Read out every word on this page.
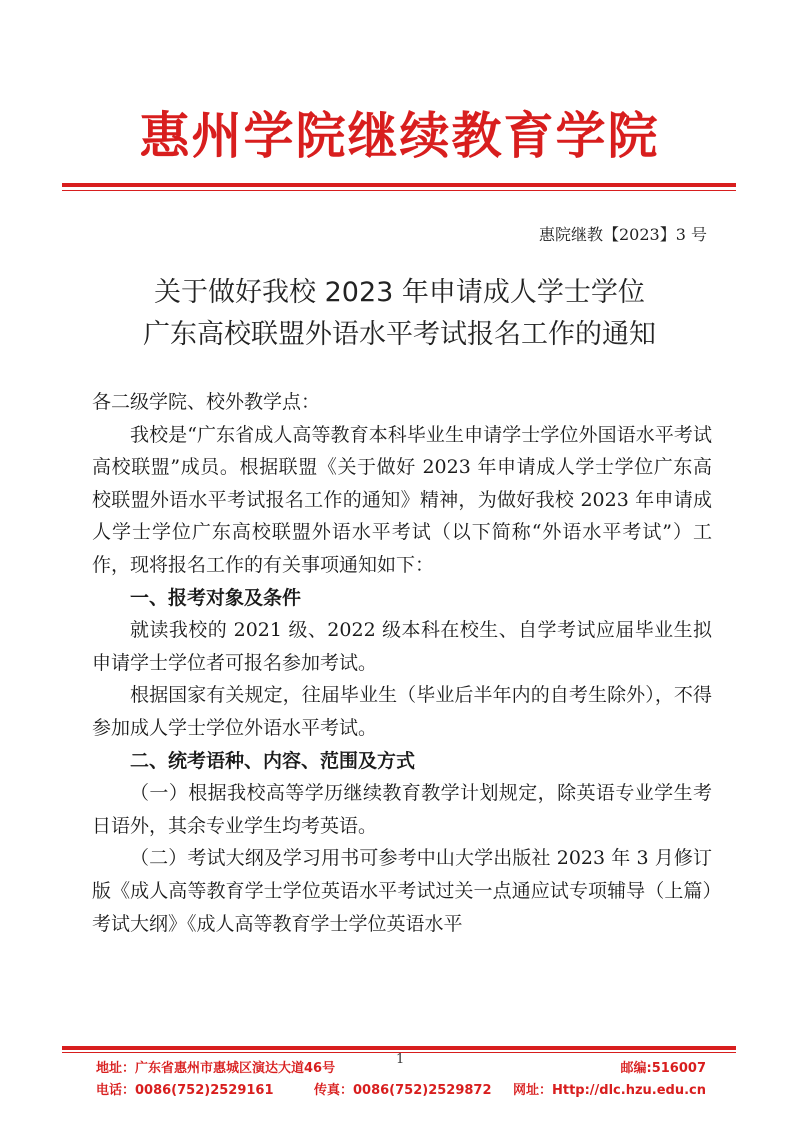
惠州学院继续教育学院
惠院继教【2023】3 号
关于做好我校 2023 年申请成人学士学位
广东高校联盟外语水平考试报名工作的通知

各二级学院、校外教学点：

我校是“广东省成人高等教育本科毕业生申请学士学位外国语水平考试高校联盟”成员。根据联盟《关于做好 2023 年申请成人学士学位广东高校联盟外语水平考试报名工作的通知》精神，为做好我校 2023 年申请成人学士学位广东高校联盟外语水平考试（以下简称“外语水平考试”）工作，现将报名工作的有关事项通知如下：

一、报考对象及条件

就读我校的 2021 级、2022 级本科在校生、自学考试应届毕业生拟申请学士学位者可报名参加考试。

根据国家有关规定，往届毕业生（毕业后半年内的自考生除外），不得参加成人学士学位外语水平考试。

二、统考语种、内容、范围及方式

（一）根据我校高等学历继续教育教学计划规定，除英语专业学生考日语外，其余专业学生均考英语。

（二）考试大纲及学习用书可参考中山大学出版社 2023 年 3 月修订版《成人高等教育学士学位英语水平考试过关一点通应试专项辅导（上篇）考试大纲》《成人高等教育学士学位英语水平

1
地址：广东省惠州市惠城区演达大道46号	邮编:516007
电话：0086(752)2529161	传真：0086(752)2529872 网址：Http://dlc.hzu.edu.cn
